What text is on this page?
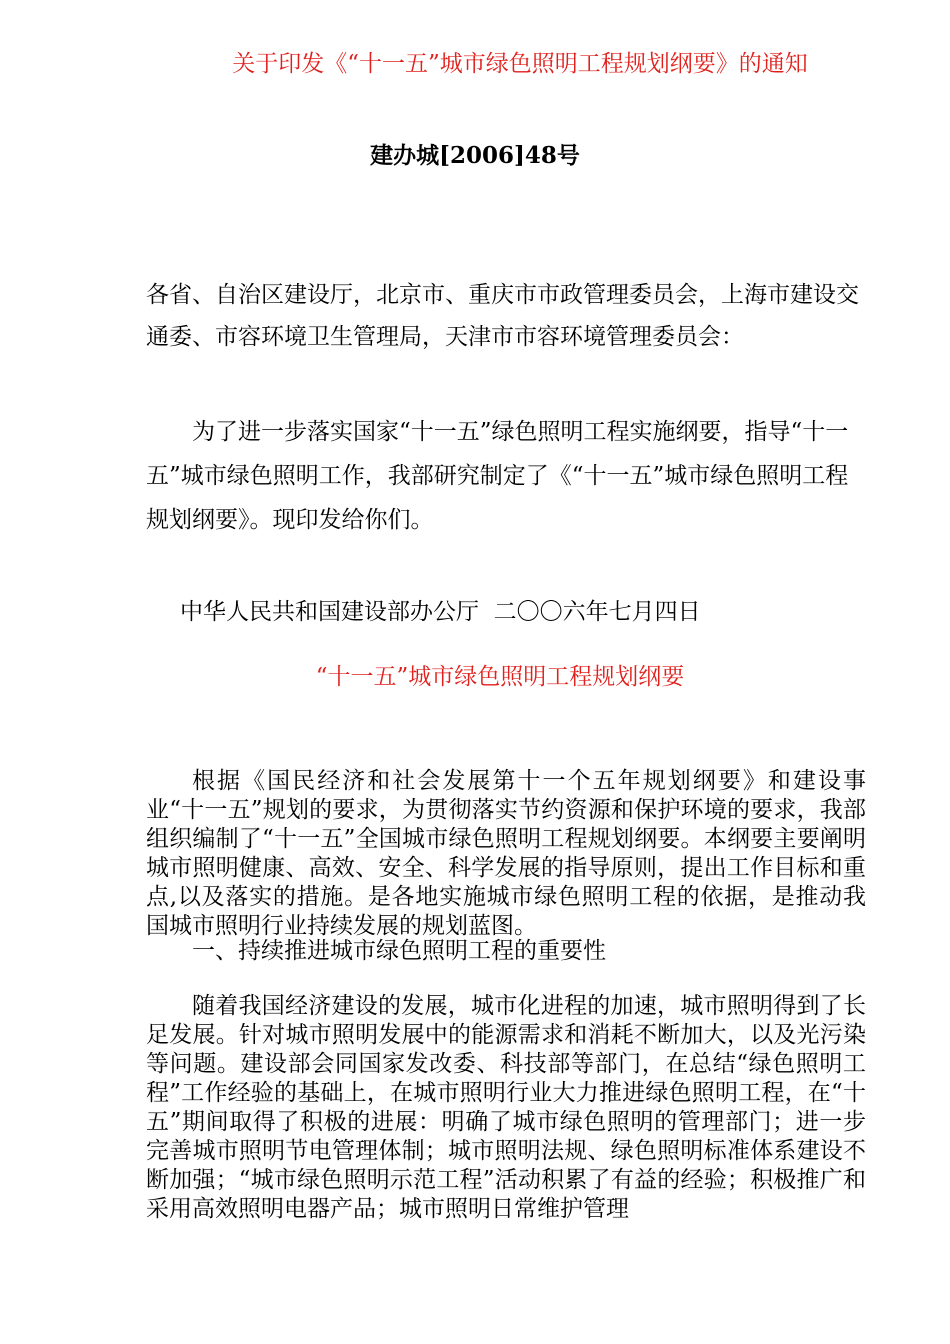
关于印发《“十一五”城市绿色照明工程规划纲要》的通知
建办城[2006]48号

各省、自治区建设厅，北京市、重庆市市政管理委员会，上海市建设交通委、市容环境卫生管理局，天津市市容环境管理委员会：

为了进一步落实国家“十一五”绿色照明工程实施纲要，指导“十一五”城市绿色照明工作，我部研究制定了《“十一五”城市绿色照明工程规划纲要》。现印发给你们。

中华人民共和国建设部办公厅  二〇〇六年七月四日

“十一五”城市绿色照明工程规划纲要

根据《国民经济和社会发展第十一个五年规划纲要》和建设事业“十一五”规划的要求，为贯彻落实节约资源和保护环境的要求，我部组织编制了“十一五”全国城市绿色照明工程规划纲要。本纲要主要阐明城市照明健康、高效、安全、科学发展的指导原则，提出工作目标和重点,以及落实的措施。是各地实施城市绿色照明工程的依据，是推动我国城市照明行业持续发展的规划蓝图。

一、持续推进城市绿色照明工程的重要性

随着我国经济建设的发展，城市化进程的加速，城市照明得到了长足发展。针对城市照明发展中的能源需求和消耗不断加大，以及光污染等问题。建设部会同国家发改委、科技部等部门，在总结“绿色照明工程”工作经验的基础上，在城市照明行业大力推进绿色照明工程，在“十五”期间取得了积极的进展：明确了城市绿色照明的管理部门；进一步完善城市照明节电管理体制；城市照明法规、绿色照明标准体系建设不断加强；“城市绿色照明示范工程”活动积累了有益的经验；积极推广和采用高效照明电器产品；城市照明日常维护管理
